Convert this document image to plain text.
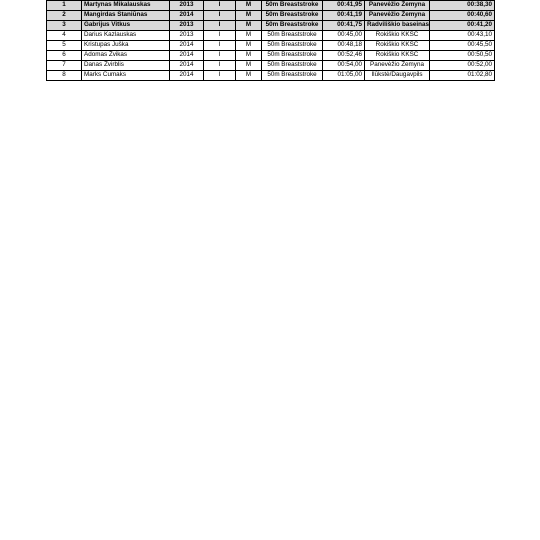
1	Martynas Mikalauskas	2013	I	M	50m Breaststroke	00:41,95	Panevėžio Žemyna	00:38,30
2	Mangirdas Staniūnas	2014	I	M	50m Breaststroke	00:41,19	Panevėžio Žemyna	00:40,60
3	Gabrijus Vitkus	2013	I	M	50m Breaststroke	00:41,75	Radviliškio baseinas	00:41,20
4	Darius Kazlauskas	2013	I	M	50m Breaststroke	00:45,00	Rokiškio KKSC	00:43,10
5	Kristupas Juška	2014	I	M	50m Breaststroke	00:48,18	Rokiškio KKSC	00:45,50
6	Adomas Žvikas	2014	I	M	50m Breaststroke	00:52,46	Rokiškio KKSC	00:50,50
7	Danas Žvirblis	2014	I	M	50m Breaststroke	00:54,00	Panevėžio Žemyna	00:52,00
8	Marks Čumaks	2014	I	M	50m Breaststroke	01:05,00	Ilūkstė/Daugavpils	01:02,80
